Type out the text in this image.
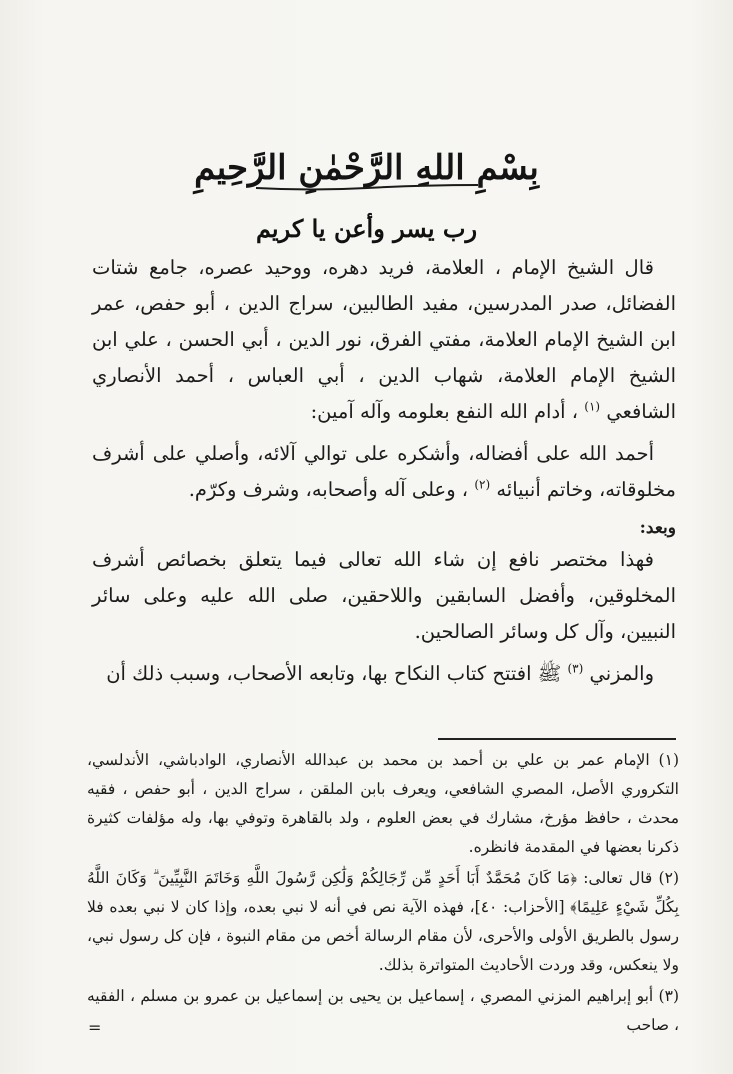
بِسْمِ اللهِ الرَّحْمٰنِ الرَّحِيمِ
رب يسر وأعن يا كريم

قال الشيخ الإمام ، العلامة، فريد دهره، ووحيد عصره، جامع شتات الفضائل، صدر المدرسين، مفيد الطالبين، سراج الدين ، أبو حفص، عمر ابن الشيخ الإمام العلامة، مفتي الفرق، نور الدين ، أبي الحسن ، علي ابن الشيخ الإمام العلامة، شهاب الدين ، أبي العباس ، أحمد الأنصاري الشافعي $^{(١)}$ ، أدام الله النفع بعلومه وآله آمين:

أحمد الله على أفضاله، وأشكره على توالي آلائه، وأصلي على أشرف مخلوقاته، وخاتم أنبيائه $^{(٢)}$ ، وعلى آله وأصحابه، وشرف وكرّم.

وبعد:

فهذا مختصر نافع إن شاء الله تعالى فيما يتعلق بخصائص أشرف المخلوقين، وأفضل السابقين واللاحقين، صلى الله عليه وعلى سائر النبيين، وآل كل وسائر الصالحين.

والمزني $^{(٣)}$ ﷺ افتتح كتاب النكاح بها، وتابعه الأصحاب، وسبب ذلك أن

(١) الإمام عمر بن علي بن أحمد بن محمد بن عبدالله الأنصاري، الوادباشي، الأندلسي، التكروري الأصل، المصري الشافعي، ويعرف بابن الملقن ، سراج الدين ، أبو حفص ، فقيه محدث ، حافظ مؤرخ، مشارك في بعض العلوم ، ولد بالقاهرة وتوفي بها، وله مؤلفات كثيرة ذكرنا بعضها في المقدمة فانظره.

(٢) قال تعالى: ﴿مَا كَانَ مُحَمَّدٌ أَبَا أَحَدٍ مِّن رِّجَالِكُمْ وَلَٰكِن رَّسُولَ اللَّهِ وَخَاتَمَ النَّبِيِّينَ ۗ وَكَانَ اللَّهُ بِكُلِّ شَيْءٍ عَلِيمًا﴾ [الأحزاب: ٤٠]، فهذه الآية نص في أنه لا نبي بعده، وإذا كان لا نبي بعده فلا رسول بالطريق الأولى والأحرى، لأن مقام الرسالة أخص من مقام النبوة ، فإن كل رسول نبي، ولا ينعكس، وقد وردت الأحاديث المتواترة بذلك.

(٣) أبو إبراهيم المزني المصري ، إسماعيل بن يحيى بن إسماعيل بن عمرو بن مسلم ، الفقيه ، صاحب

=
